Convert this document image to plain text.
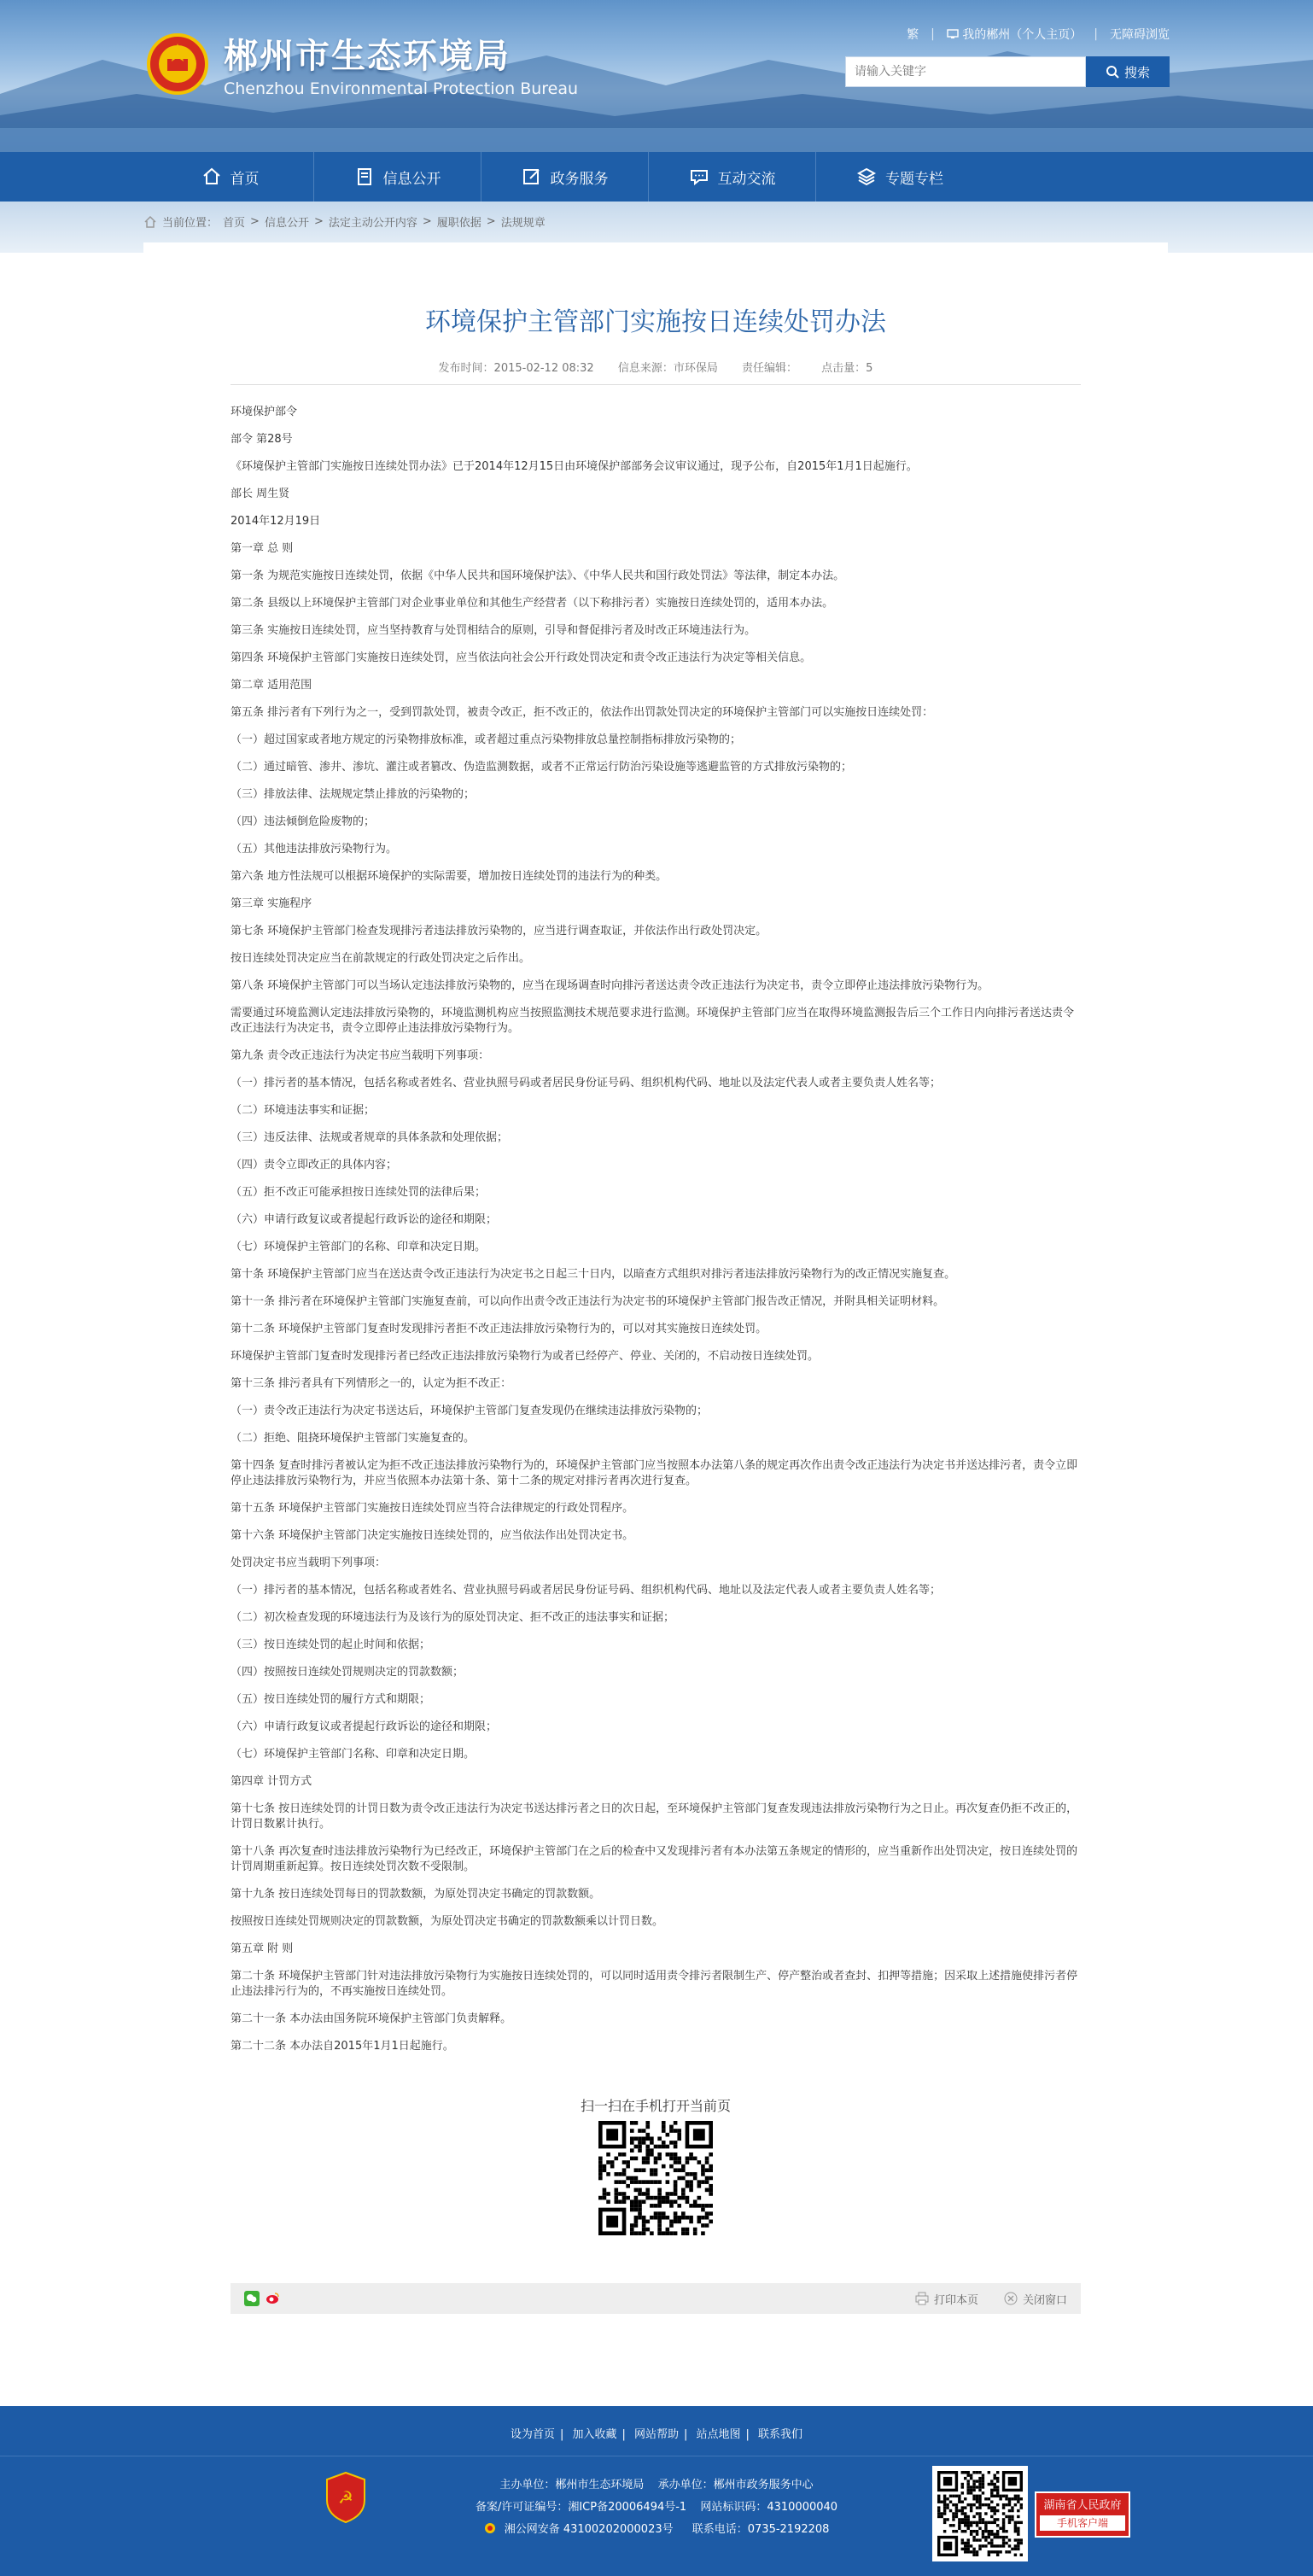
郴州市生态环境局
Chenzhou Environmental Protection Bureau
繁 |	我的郴州（个人主页） | 无障碍浏览
请输入关键字
搜索
首页	信息公开	政务服务	互动交流	专题专栏
当前位置： 首页 > 信息公开 > 法定主动公开内容 > 履职依据 > 法规规章
环境保护主管部门实施按日连续处罚办法
发布时间：2015-02-12 08:32 信息来源：市环保局 责任编辑： 点击量：5

环境保护部令

部令 第28号

《环境保护主管部门实施按日连续处罚办法》已于2014年12月15日由环境保护部部务会议审议通过，现予公布，自2015年1月1日起施行。

部长 周生贤

2014年12月19日

第一章 总 则

第一条 为规范实施按日连续处罚，依据《中华人民共和国环境保护法》、《中华人民共和国行政处罚法》等法律，制定本办法。

第二条 县级以上环境保护主管部门对企业事业单位和其他生产经营者（以下称排污者）实施按日连续处罚的，适用本办法。

第三条 实施按日连续处罚，应当坚持教育与处罚相结合的原则，引导和督促排污者及时改正环境违法行为。

第四条 环境保护主管部门实施按日连续处罚，应当依法向社会公开行政处罚决定和责令改正违法行为决定等相关信息。

第二章 适用范围

第五条 排污者有下列行为之一，受到罚款处罚，被责令改正，拒不改正的，依法作出罚款处罚决定的环境保护主管部门可以实施按日连续处罚：

（一）超过国家或者地方规定的污染物排放标准，或者超过重点污染物排放总量控制指标排放污染物的；

（二）通过暗管、渗井、渗坑、灌注或者篡改、伪造监测数据，或者不正常运行防治污染设施等逃避监管的方式排放污染物的；

（三）排放法律、法规规定禁止排放的污染物的；

（四）违法倾倒危险废物的；

（五）其他违法排放污染物行为。

第六条 地方性法规可以根据环境保护的实际需要，增加按日连续处罚的违法行为的种类。

第三章 实施程序

第七条 环境保护主管部门检查发现排污者违法排放污染物的，应当进行调查取证，并依法作出行政处罚决定。

按日连续处罚决定应当在前款规定的行政处罚决定之后作出。

第八条 环境保护主管部门可以当场认定违法排放污染物的，应当在现场调查时向排污者送达责令改正违法行为决定书，责令立即停止违法排放污染物行为。

需要通过环境监测认定违法排放污染物的，环境监测机构应当按照监测技术规范要求进行监测。环境保护主管部门应当在取得环境监测报告后三个工作日内向排污者送达责令改正违法行为决定书，责令立即停止违法排放污染物行为。

第九条 责令改正违法行为决定书应当载明下列事项：

（一）排污者的基本情况，包括名称或者姓名、营业执照号码或者居民身份证号码、组织机构代码、地址以及法定代表人或者主要负责人姓名等；

（二）环境违法事实和证据；

（三）违反法律、法规或者规章的具体条款和处理依据；

（四）责令立即改正的具体内容；

（五）拒不改正可能承担按日连续处罚的法律后果；

（六）申请行政复议或者提起行政诉讼的途径和期限；

（七）环境保护主管部门的名称、印章和决定日期。

第十条 环境保护主管部门应当在送达责令改正违法行为决定书之日起三十日内，以暗查方式组织对排污者违法排放污染物行为的改正情况实施复查。

第十一条 排污者在环境保护主管部门实施复查前，可以向作出责令改正违法行为决定书的环境保护主管部门报告改正情况，并附具相关证明材料。

第十二条 环境保护主管部门复查时发现排污者拒不改正违法排放污染物行为的，可以对其实施按日连续处罚。

环境保护主管部门复查时发现排污者已经改正违法排放污染物行为或者已经停产、停业、关闭的，不启动按日连续处罚。

第十三条 排污者具有下列情形之一的，认定为拒不改正：

（一）责令改正违法行为决定书送达后，环境保护主管部门复查发现仍在继续违法排放污染物的；

（二）拒绝、阻挠环境保护主管部门实施复查的。

第十四条 复查时排污者被认定为拒不改正违法排放污染物行为的，环境保护主管部门应当按照本办法第八条的规定再次作出责令改正违法行为决定书并送达排污者，责令立即停止违法排放污染物行为，并应当依照本办法第十条、第十二条的规定对排污者再次进行复查。

第十五条 环境保护主管部门实施按日连续处罚应当符合法律规定的行政处罚程序。

第十六条 环境保护主管部门决定实施按日连续处罚的，应当依法作出处罚决定书。

处罚决定书应当载明下列事项：

（一）排污者的基本情况，包括名称或者姓名、营业执照号码或者居民身份证号码、组织机构代码、地址以及法定代表人或者主要负责人姓名等；

（二）初次检查发现的环境违法行为及该行为的原处罚决定、拒不改正的违法事实和证据；

（三）按日连续处罚的起止时间和依据；

（四）按照按日连续处罚规则决定的罚款数额；

（五）按日连续处罚的履行方式和期限；

（六）申请行政复议或者提起行政诉讼的途径和期限；

（七）环境保护主管部门名称、印章和决定日期。

第四章 计罚方式

第十七条 按日连续处罚的计罚日数为责令改正违法行为决定书送达排污者之日的次日起，至环境保护主管部门复查发现违法排放污染物行为之日止。再次复查仍拒不改正的，计罚日数累计执行。

第十八条 再次复查时违法排放污染物行为已经改正，环境保护主管部门在之后的检查中又发现排污者有本办法第五条规定的情形的，应当重新作出处罚决定，按日连续处罚的计罚周期重新起算。按日连续处罚次数不受限制。

第十九条 按日连续处罚每日的罚款数额，为原处罚决定书确定的罚款数额。

按照按日连续处罚规则决定的罚款数额，为原处罚决定书确定的罚款数额乘以计罚日数。

第五章 附 则

第二十条 环境保护主管部门针对违法排放污染物行为实施按日连续处罚的，可以同时适用责令排污者限制生产、停产整治或者查封、扣押等措施；因采取上述措施使排污者停止违法排污行为的，不再实施按日连续处罚。

第二十一条 本办法由国务院环境保护主管部门负责解释。

第二十二条 本办法自2015年1月1日起施行。

扫一扫在手机打开当前页
打印本页	关闭窗口
设为首页 | 加入收藏 | 网站帮助 | 站点地图 | 联系我们
☭
主办单位：郴州市生态环境局 承办单位：郴州市政务服务中心
备案/许可证编号：湘ICP备20006494号-1 网站标识码：4310000040
湘公网安备 43100202000023号 联系电话：0735-2192208
湖南省人民政府
手机客户端
